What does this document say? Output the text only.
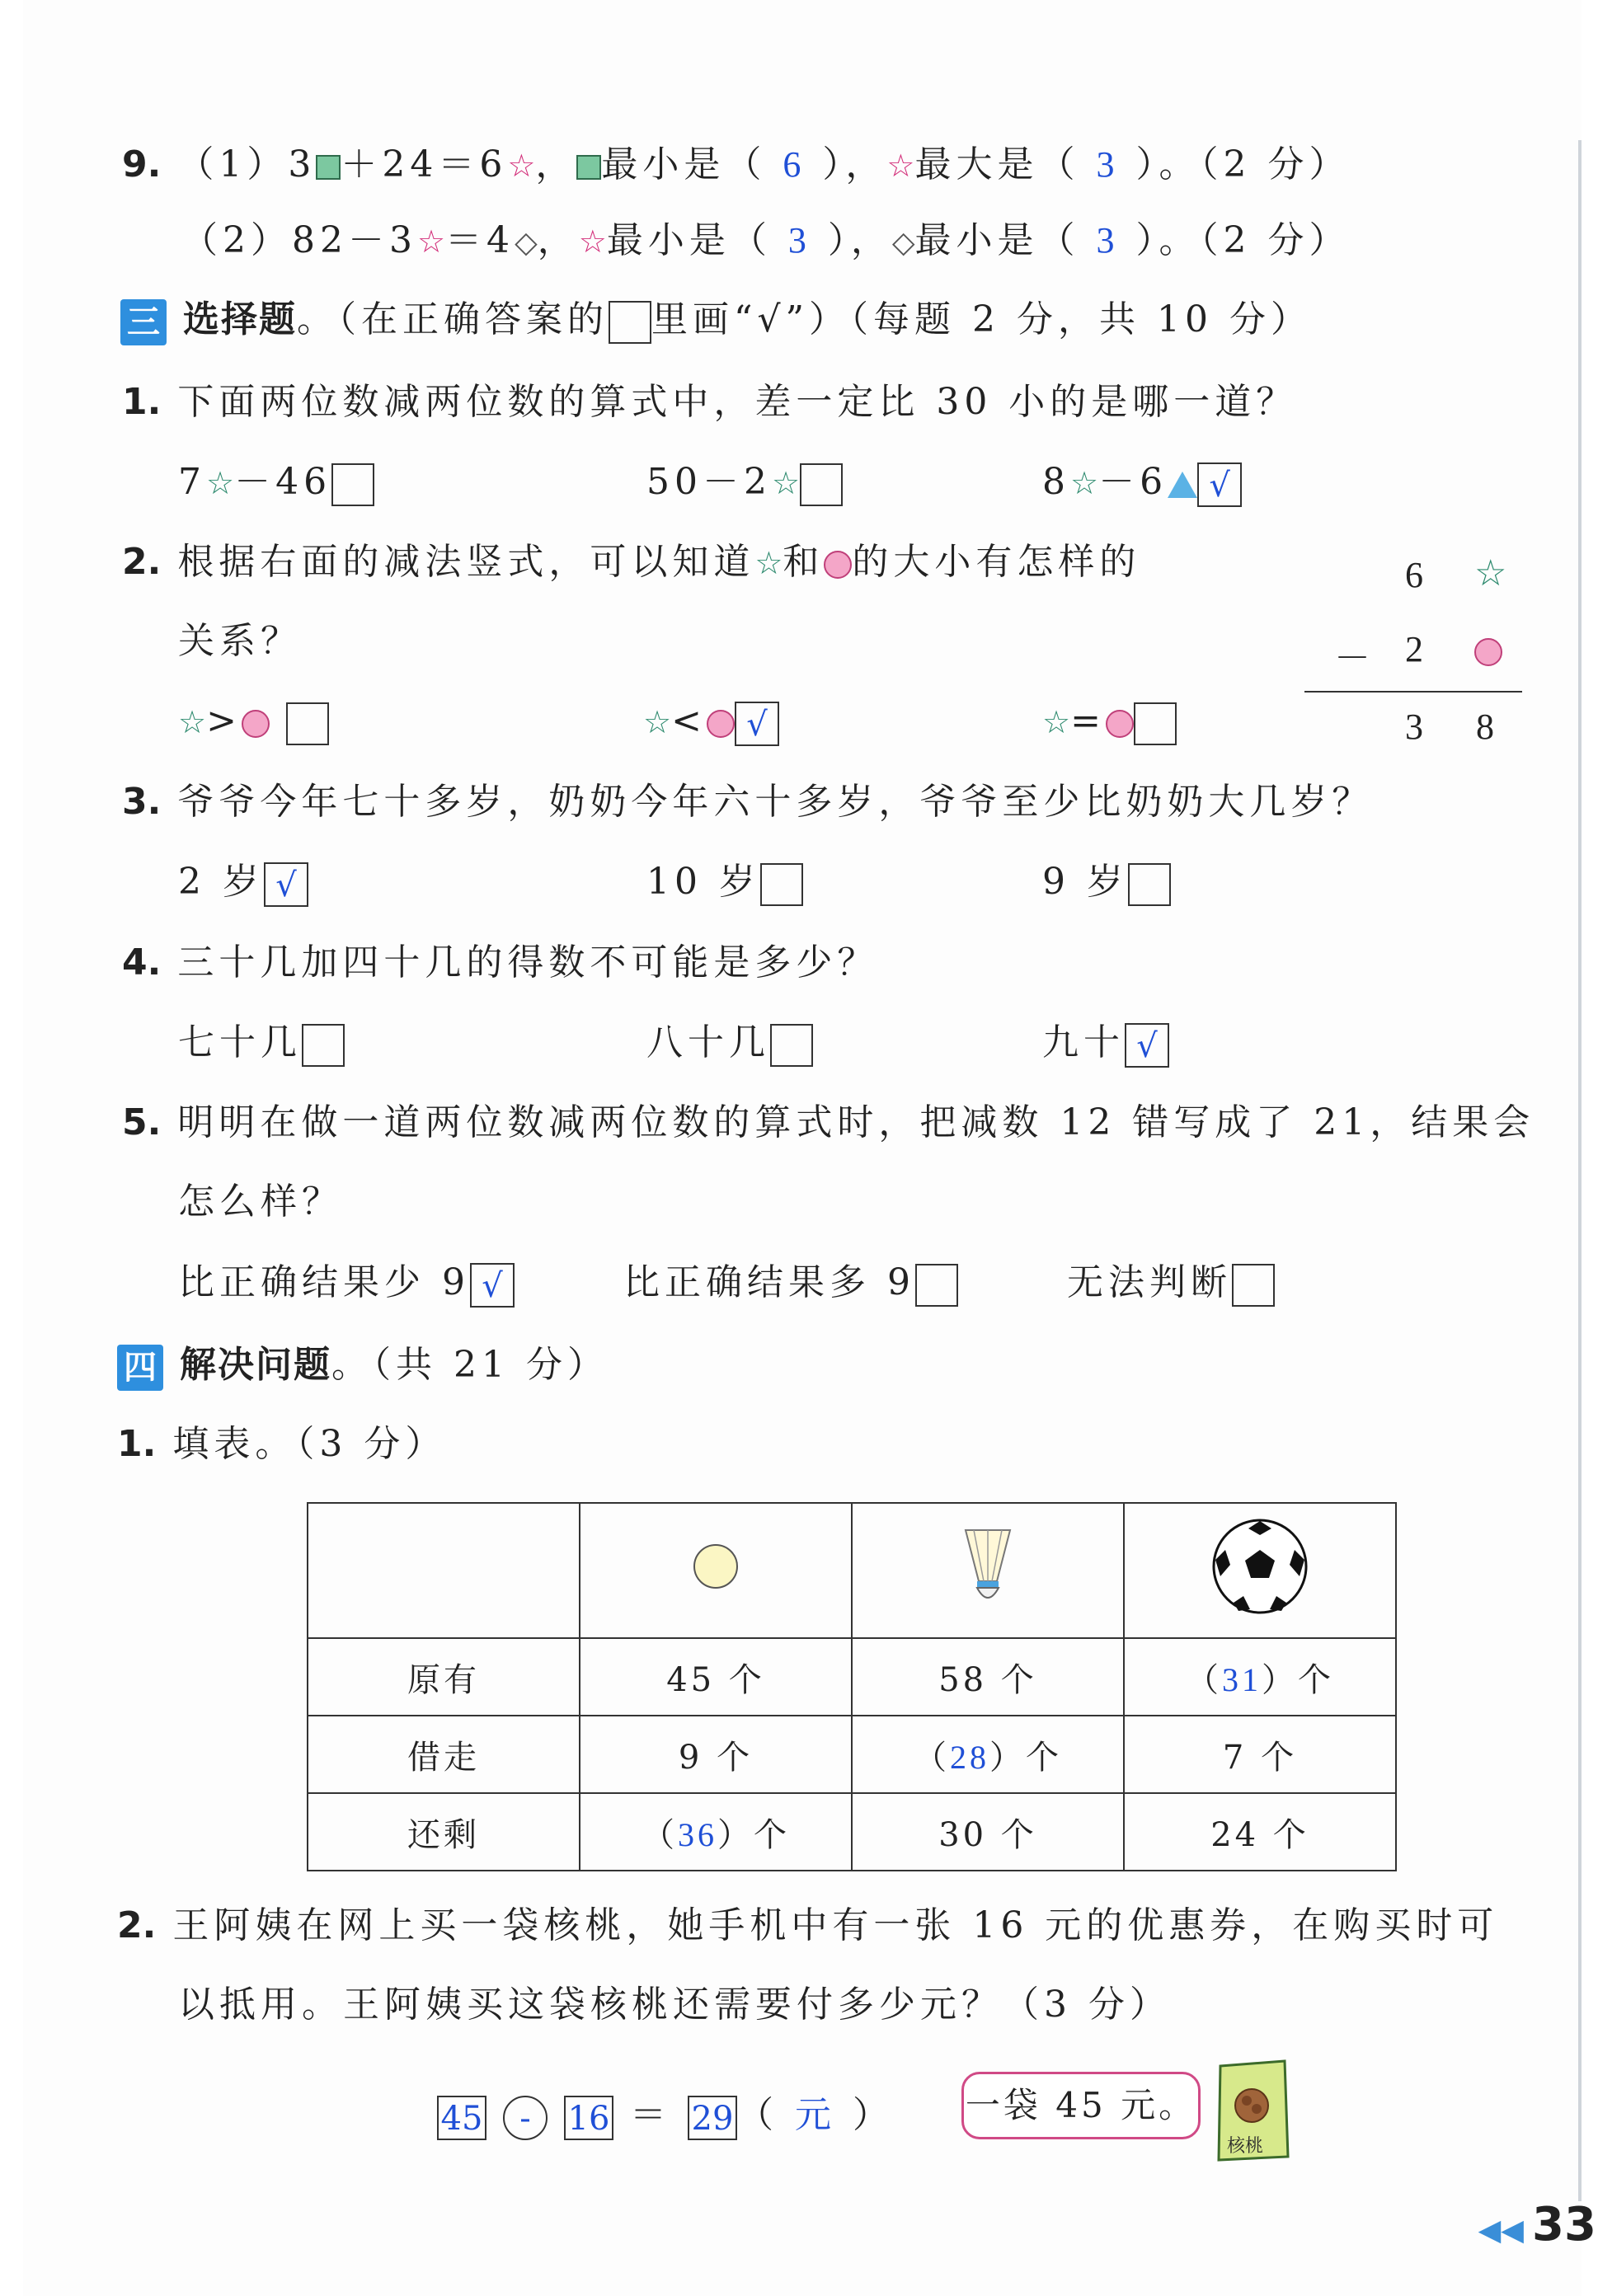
9. （1）3 ＋24＝6☆， 最小是（ 6 ），☆最大是（ 3 ）。（2 分）
（2）82－3☆＝4◇，☆最小是（ 3 ），◇最小是（ 3 ）。（2 分）
三 选择题。（在正确答案的 里画“√”）（每题 2 分，共 10 分）
1. 下面两位数减两位数的算式中，差一定比 30 小的是哪一道？
7☆－46	50－2☆	8☆－6 √
2. 根据右面的减法竖式，可以知道☆和 的大小有怎样的
关系？
☆>	☆< √	☆=
6 ☆
－ 2
3 8
3. 爷爷今年七十多岁，奶奶今年六十多岁，爷爷至少比奶奶大几岁？
2 岁 √	10 岁	9 岁
4. 三十几加四十几的得数不可能是多少？
七十几	八十几	九十 √
5. 明明在做一道两位数减两位数的算式时，把减数 12 错写成了 21，结果会
怎么样？
比正确结果少 9 √	比正确结果多 9	无法判断
四 解决问题。（共 21 分）
1. 填表。（3 分）

原有	45 个	58 个	（31）个
借走	9 个	（28）个	7 个
还剩	（36）个	30 个	24 个
2. 王阿姨在网上买一袋核桃，她手机中有一张 16 元的优惠券，在购买时可
以抵用。王阿姨买这袋核桃还需要付多少元？（3 分）
45 - 16 ＝ 29 （ 元 ） 一袋 45 元。
核桃
◀◀ 33
